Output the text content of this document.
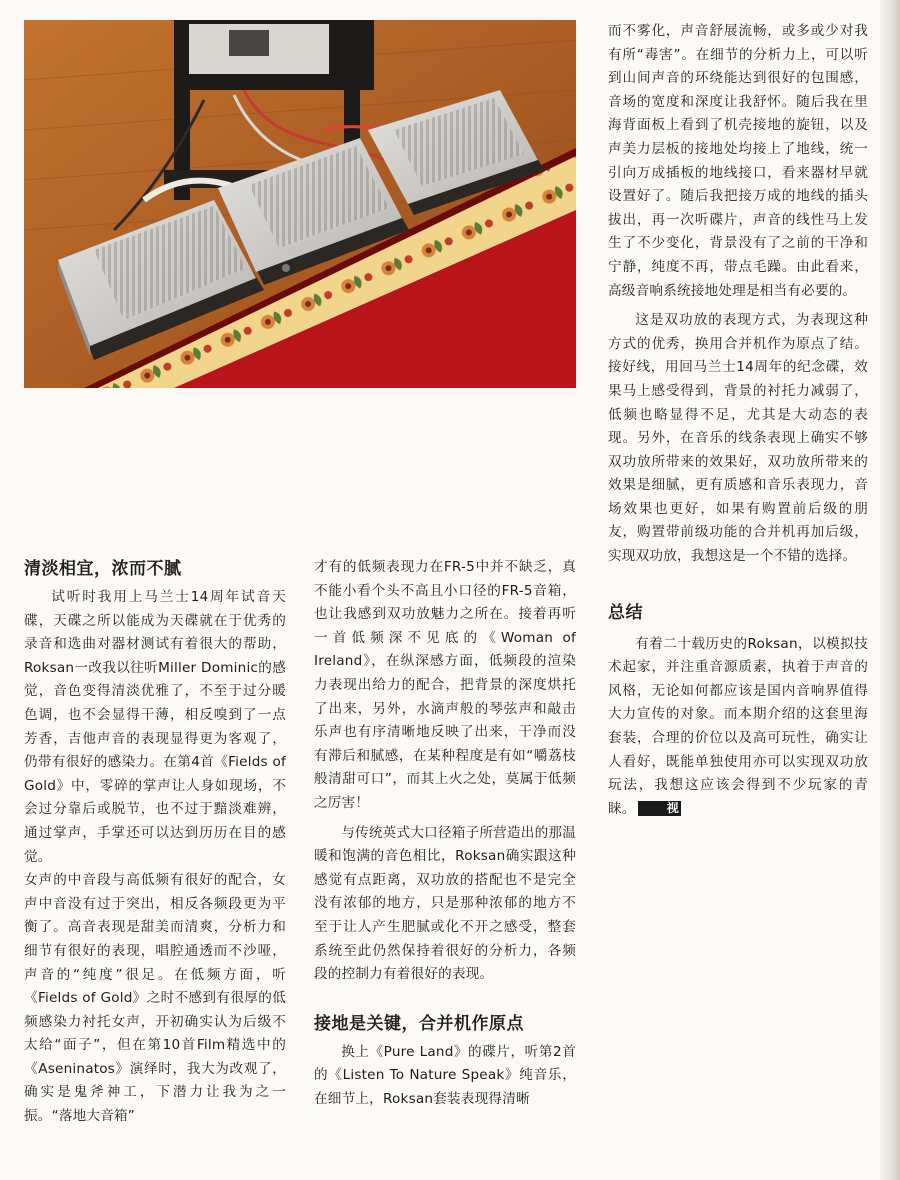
清淡相宜，浓而不腻

试听时我用上马兰士14周年试音天碟，天碟之所以能成为天碟就在于优秀的录音和选曲对器材测试有着很大的帮助，Roksan一改我以往听Miller Dominic的感觉，音色变得清淡优雅了，不至于过分暖色调，也不会显得干薄，相反嗅到了一点芳香，吉他声音的表现显得更为客观了，仍带有很好的感染力。在第4首《Fields of Gold》中，零碎的掌声让人身如现场，不会过分靠后或脱节，也不过于黯淡难辨，通过掌声，手掌还可以达到历历在目的感觉。

女声的中音段与高低频有很好的配合，女声中音没有过于突出，相反各频段更为平衡了。高音表现是甜美而清爽，分析力和细节有很好的表现，唱腔通透而不沙哑，声音的“纯度”很足。在低频方面，听《Fields of Gold》之时不感到有很厚的低频感染力衬托女声，开初确实认为后级不太给“面子”，但在第10首Film精选中的《Aseninatos》演绎时，我大为改观了，确实是鬼斧神工，下潜力让我为之一振。“落地大音箱”

才有的低频表现力在FR-5中并不缺乏，真不能小看个头不高且小口径的FR-5音箱，也让我感到双功放魅力之所在。接着再听一首低频深不见底的《Woman of Ireland》，在纵深感方面，低频段的渲染力表现出给力的配合，把背景的深度烘托了出来，另外，水滴声般的琴弦声和敲击乐声也有序清晰地反映了出来，干净而没有滞后和腻感，在某种程度是有如“嚼荔枝般清甜可口”，而其上火之处，莫属于低频之厉害！

与传统英式大口径箱子所营造出的那温暖和饱满的音色相比，Roksan确实跟这种感觉有点距离，双功放的搭配也不是完全没有浓郁的地方，只是那种浓郁的地方不至于让人产生肥腻或化不开之感受，整套系统至此仍然保持着很好的分析力，各频段的控制力有着很好的表现。

接地是关键，合并机作原点

换上《Pure Land》的碟片，听第2首的《Listen To Nature Speak》纯音乐，在细节上，Roksan套装表现得清晰

而不雾化，声音舒展流畅，或多或少对我有所“毒害”。在细节的分析力上，可以听到山间声音的环绕能达到很好的包围感，音场的宽度和深度让我舒怀。随后我在里海背面板上看到了机壳接地的旋钮，以及声美力层板的接地处均接上了地线，统一引向万成插板的地线接口，看来器材早就设置好了。随后我把接万成的地线的插头拔出，再一次听碟片，声音的线性马上发生了不少变化，背景没有了之前的干净和宁静，纯度不再，带点毛躁。由此看来，高级音响系统接地处理是相当有必要的。

这是双功放的表现方式，为表现这种方式的优秀，换用合并机作为原点了结。接好线，用回马兰士14周年的纪念碟，效果马上感受得到，背景的衬托力减弱了，低频也略显得不足，尤其是大动态的表现。另外，在音乐的线条表现上确实不够双功放所带来的效果好，双功放所带来的效果是细腻，更有质感和音乐表现力，音场效果也更好，如果有购置前后级的朋友，购置带前级功能的合并机再加后级，实现双功放，我想这是一个不错的选择。

总结

有着二十载历史的Roksan，以模拟技术起家，并注重音源质素，执着于声音的风格，无论如何都应该是国内音响界值得大力宣传的对象。而本期介绍的这套里海套装，合理的价位以及高可玩性，确实让人看好，既能单独使用亦可以实现双功放玩法，我想这应该会得到不少玩家的青睐。	视
